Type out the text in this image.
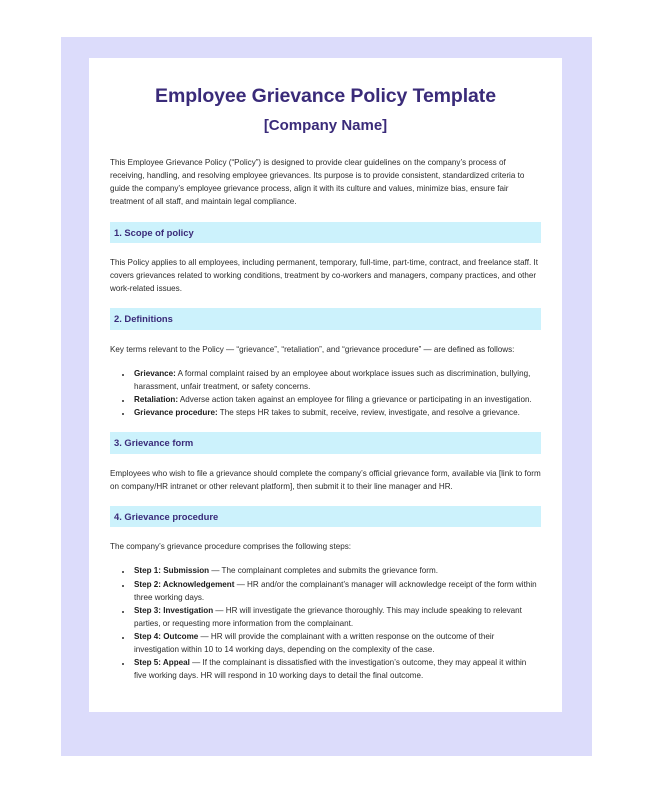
Employee Grievance Policy Template
[Company Name]

This Employee Grievance Policy (“Policy”) is designed to provide clear guidelines on the company’s process of receiving, handling, and resolving employee grievances. Its purpose is to provide consistent, standardized criteria to guide the company’s employee grievance process, align it with its culture and values, minimize bias, ensure fair treatment of all staff, and maintain legal compliance.

1. Scope of policy

This Policy applies to all employees, including permanent, temporary, full-time, part-time, contract, and freelance staff. It covers grievances related to working conditions, treatment by co-workers and managers, company practices, and other work-related issues.

2. Definitions

Key terms relevant to the Policy — “grievance”, “retaliation”, and “grievance procedure” — are defined as follows:

• Grievance: A formal complaint raised by an employee about workplace issues such as discrimination, bullying, harassment, unfair treatment, or safety concerns.
• Retaliation: Adverse action taken against an employee for filing a grievance or participating in an investigation.
• Grievance procedure: The steps HR takes to submit, receive, review, investigate, and resolve a grievance.
3. Grievance form

Employees who wish to file a grievance should complete the company’s official grievance form, available via [link to form on company/HR intranet or other relevant platform], then submit it to their line manager and HR.

4. Grievance procedure

The company’s grievance procedure comprises the following steps:

• Step 1: Submission — The complainant completes and submits the grievance form.
• Step 2: Acknowledgement — HR and/or the complainant’s manager will acknowledge receipt of the form within three working days.
• Step 3: Investigation — HR will investigate the grievance thoroughly. This may include speaking to relevant parties, or requesting more information from the complainant.
• Step 4: Outcome — HR will provide the complainant with a written response on the outcome of their investigation within 10 to 14 working days, depending on the complexity of the case.
• Step 5: Appeal — If the complainant is dissatisfied with the investigation’s outcome, they may appeal it within five working days. HR will respond in 10 working days to detail the final outcome.
